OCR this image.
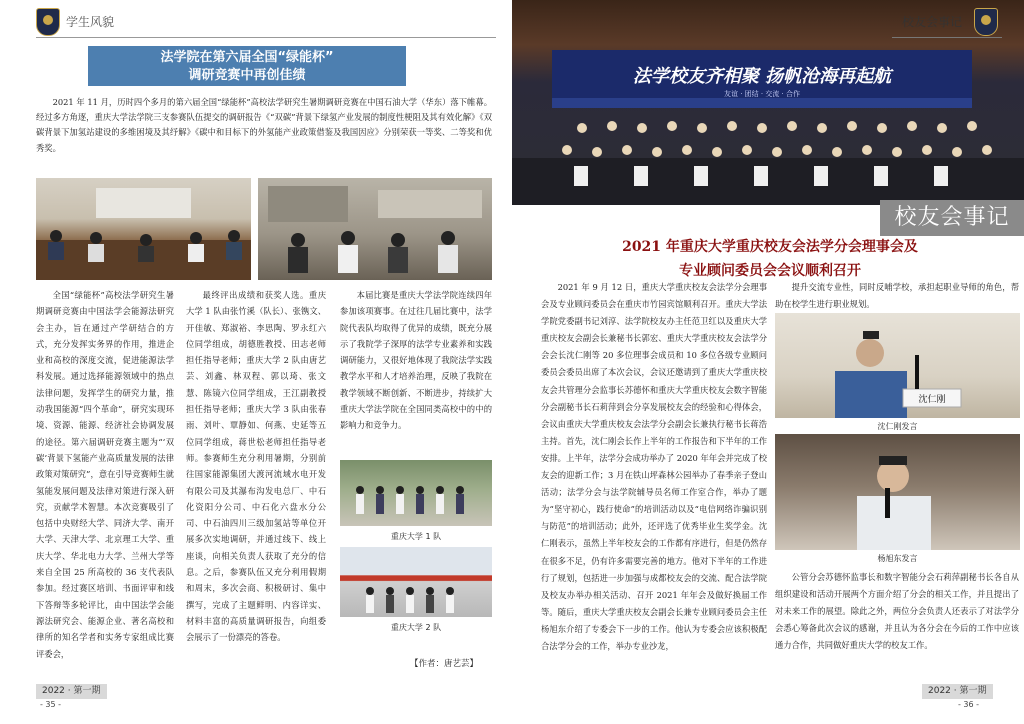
学生风貌
法学院在第六届全国“绿能杯”
调研竞赛中再创佳绩

2021 年 11 月，历时四个多月的第六届全国“绿能杯”高校法学研究生暑期调研竞赛在中国石油大学（华东）落下帷幕。经过多方角逐，重庆大学法学院三支参赛队伍提交的调研报告《“双碳”背景下绿氢产业发展的制度性梗阻及其有效化解》《双碳背景下加氢站建设的多维困境及其纾解》《碳中和目标下的外氢能产业政策借鉴及我国因应》分别荣获一等奖、二等奖和优秀奖。

全国“绿能杯”高校法学研究生暑期调研竞赛由中国法学会能源法研究会主办，旨在通过产学研结合的方式，充分发挥实务界的作用，推进企业和高校的深度交流，促进能源法学科发展。通过选择能源领域中的热点法律问题，发挥学生的研究力量，推动我国能源“四个革命”，研究实现环境、资源、能源、经济社会协调发展的途径。第六届调研竞赛主题为“‘双碳’背景下氢能产业高质量发展的法律政策对策研究”，意在引导竞赛师生就氢能发展问题及法律对策进行深入研究，贡献学术智慧。本次竞赛吸引了包括中央财经大学、同济大学、南开大学、天津大学、北京理工大学、重庆大学、华北电力大学、兰州大学等来自全国 25 所高校的 36 支代表队参加。经过赛区培训、书面评审和线下答辩等多轮评比，由中国法学会能源法研究会、能源企业、著名高校和律所的知名学者和实务专家组成比赛评委会，

最终评出成绩和获奖人选。重庆大学 1 队由张竹溪（队长）、张镌文、开佳敏、郑淑裕、李思陶、罗永红六位同学组成，胡德胜教授、田志老师担任指导老师；重庆大学 2 队由唐艺芸、刘鑫、林双程、郭以琦、张文慧、陈镜六位同学组成，王江副教授担任指导老师；重庆大学 3 队由张春雨、刘叶、覃静如、何燕、史延等五位同学组成，蒋世松老师担任指导老师。参赛师生充分利用暑期，分别前往国家能源集团大渡河流域水电开发有限公司及其瀑布沟发电总厂、中石化资阳分公司、中石化六盘水分公司、中石油四川三级加氢站等单位开展多次实地调研，并通过线下、线上座谈，向相关负责人获取了充分的信息。之后，参赛队伍又充分利用假期和周末，多次会商、积极研讨、集中撰写，完成了主题鲜明、内容详实、材料丰富的高质量调研报告，向组委会展示了一份漂亮的答卷。

本届比赛是重庆大学法学院连续四年参加该项赛事。在过往几届比赛中，法学院代表队均取得了优异的成绩，既充分展示了我院学子深厚的法学专业素养和实践调研能力，又很好地体现了我院法学实践教学水平和人才培养治理，反映了我院在教学领域不断创新、不断进步，持续扩大重庆大学法学院在全国同类高校中的中的影响力和竞争力。

重庆大学 1 队
重庆大学 2 队
【作者：唐艺芸】
2022 · 第一期
- 35 -
法学校友齐相聚 扬帆沧海再起航
友谊 · 团结 · 交流 · 合作
校友会事记
校友会事记
2021 年重庆大学重庆校友会法学分会理事会及
专业顾问委员会会议顺利召开

2021 年 9 月 12 日，重庆大学重庆校友会法学分会理事会及专业顾问委员会在重庆市竹园宾馆顺利召开。重庆大学法学院党委副书记刘淳、法学院校友办主任范卫红以及重庆大学重庆校友会副会长兼秘书长郭宏、重庆大学重庆校友会法学分会会长沈仁刚等 20 多位理事会成员和 10 多位各级专业顾问委员会委员出席了本次会议，会议还邀请到了重庆大学重庆校友会共管理分会监事长苏德怀和重庆大学重庆校友会数字智能分会副秘书长石莉萍到会分享发展校友会的经验和心得体会，会议由重庆大学重庆校友会法学分会副会长兼执行秘书长蒋浩主持。首先，沈仁刚会长作上半年的工作报告和下半年的工作安排。上半年，法学分会成功举办了 2020 年年会并完成了校友会的迎新工作；3 月在铁山坪森林公园举办了春季亲子登山活动；法学分会与法学院辅导员名师工作室合作，举办了题为“坚守初心，践行使命”的培训活动以及“电信网络诈骗识别与防范”的培训活动；此外，还评选了优秀毕业生奖学金。沈仁刚表示，虽然上半年校友会的工作都有序进行，但是仍然存在很多不足，仍有许多需要完善的地方。他对下半年的工作进行了规划，包括进一步加强与成都校友会的交流、配合法学院及校友办举办相关活动、召开 2021 年年会及做好换届工作等。随后，重庆大学重庆校友会副会长兼专业顾问委员会主任杨旭东介绍了专委会下一步的工作。他认为专委会应该积极配合法学分会的工作，举办专业沙龙，

提升交流专业性，同时反哺学校，承担起职业导师的角色，帮助在校学生进行职业规划。

沈仁刚
沈仁刚发言
杨旭东发言

公管分会苏德怀监事长和数字智能分会石莉萍副秘书长各自从组织建设和活动开展两个方面介绍了分会的相关工作，并且提出了对未来工作的展望。除此之外，两位分会负责人还表示了对法学分会悉心筹备此次会议的感谢，并且认为各分会在今后的工作中应该通力合作，共同做好重庆大学的校友工作。

2022 · 第一期
- 36 -
